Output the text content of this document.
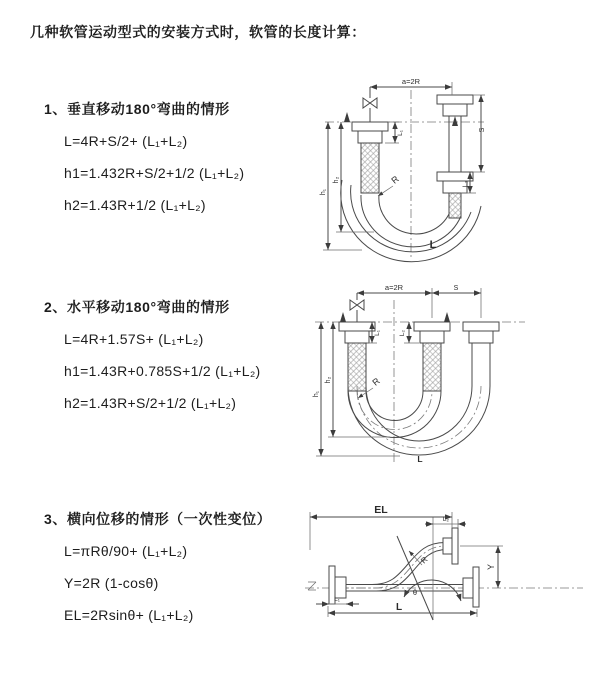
几种软管运动型式的安装方式时，软管的长度计算：
1、垂直移动180°弯曲的情形
L=4R+S/2+ (L₁+L₂)
h1=1.432R+S/2+1/2 (L₁+L₂)
h2=1.43R+1/2 (L₁+L₂)
2、水平移动180°弯曲的情形
L=4R+1.57S+ (L₁+L₂)
h1=1.43R+0.785S+1/2 (L₁+L₂)
h2=1.43R+S/2+1/2 (L₁+L₂)
3、横向位移的情形（一次性变位）
L=πRθ/90+ (L₁+L₂)
Y=2R (1-cosθ)
EL=2Rsinθ+ (L₁+L₂)
a=2R
L₁
S
L₂
h₁
h₂	R
L
a=2R	S
L₁	L₂
h₁
h₂	R
L
EL
L₂
Y
R
θ
L
L₁
